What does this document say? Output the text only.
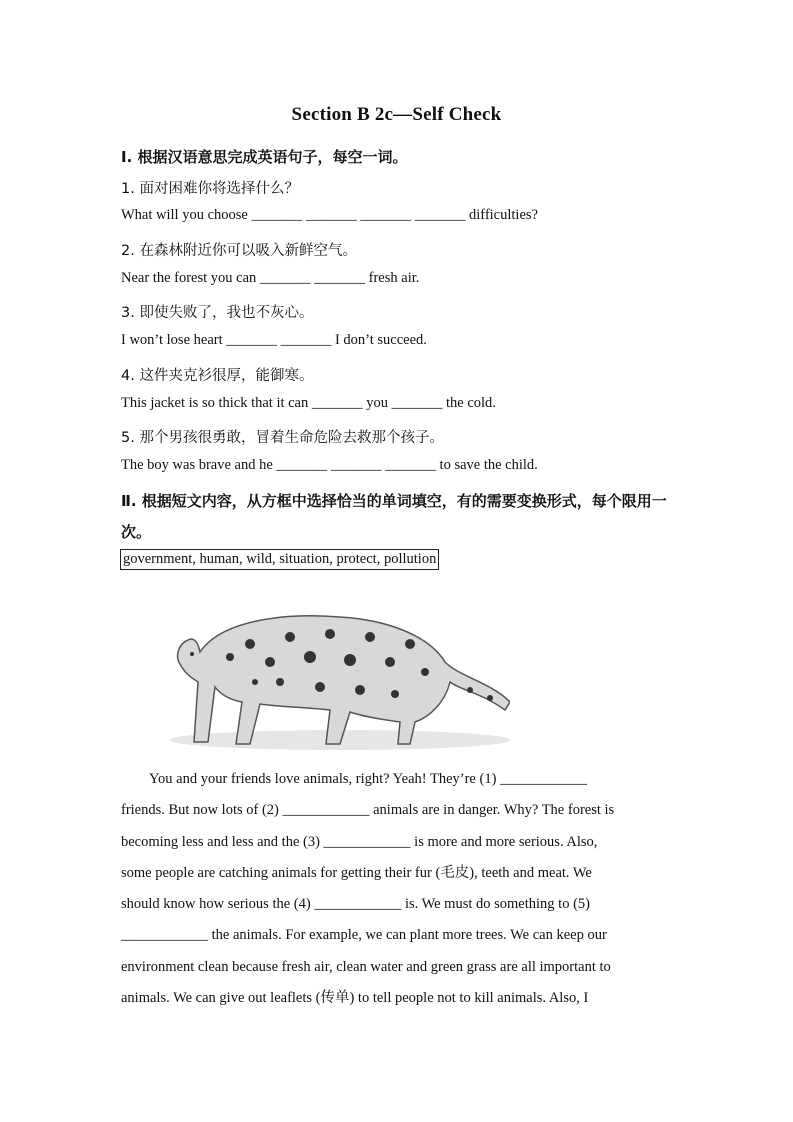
Section B 2c—Self Check
Ⅰ. 根据汉语意思完成英语句子，每空一词。
1. 面对困难你将选择什么？
What will you choose _______ _______ _______ _______ difficulties?
2. 在森林附近你可以吸入新鲜空气。
Near the forest you can _______ _______ fresh air.
3. 即使失败了，我也不灰心。
I won’t lose heart _______ _______ I don’t succeed.
4. 这件夹克衫很厚，能御寒。
This jacket is so thick that it can _______ you _______ the cold.
5. 那个男孩很勇敢，冒着生命危险去救那个孩子。
The boy was brave and he _______ _______ _______ to save the child.
Ⅱ. 根据短文内容，从方框中选择恰当的单词填空，有的需要变换形式，每个限用一次。
government, human, wild, situation, protect, pollution
You and your friends love animals, right? Yeah! They’re (1) ____________
friends. But now lots of (2) ____________ animals are in danger. Why? The forest is
becoming less and less and the (3) ____________ is more and more serious. Also,
some people are catching animals for getting their fur (毛皮), teeth and meat. We
should know how serious the (4) ____________ is. We must do something to (5)
____________ the animals. For example, we can plant more trees. We can keep our
environment clean because fresh air, clean water and green grass are all important to
animals. We can give out leaflets (传单) to tell people not to kill animals. Also, I
